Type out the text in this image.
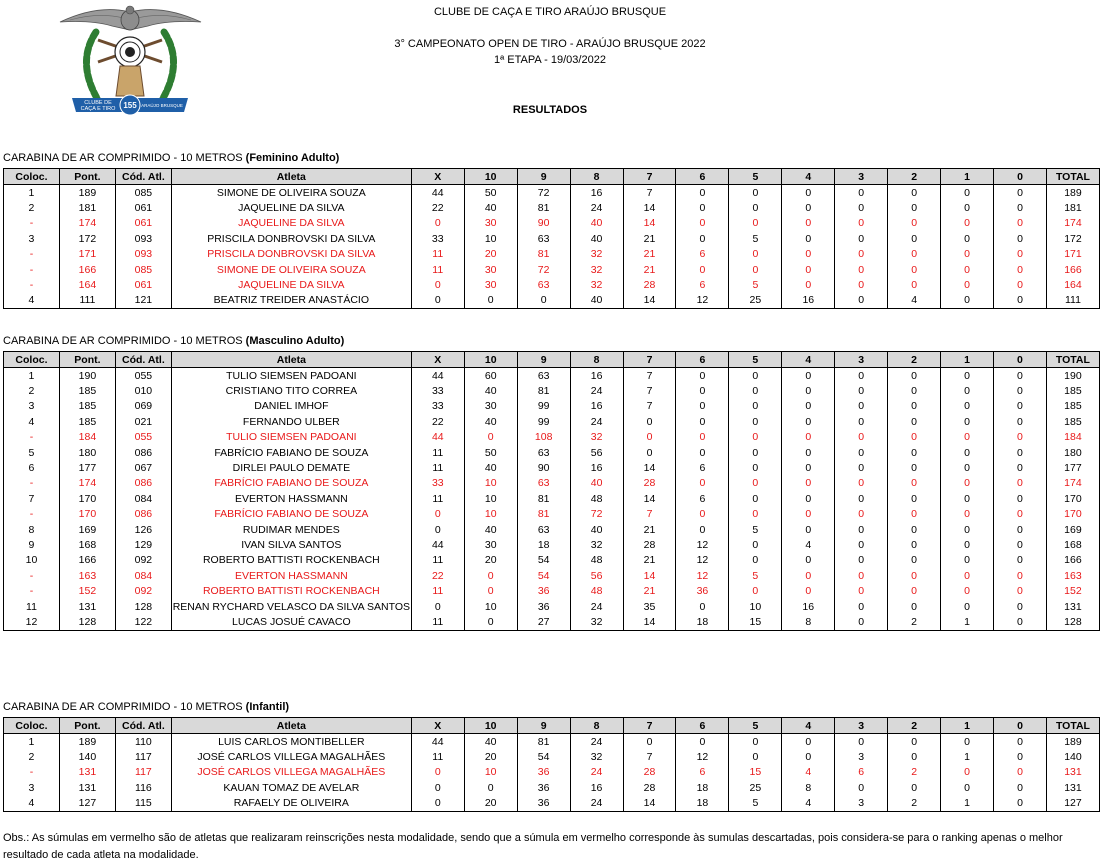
CLUBE DE
CAÇA E TIRO 155 ARAÚJO BRUSQUE
CLUBE DE CAÇA E TIRO ARAÚJO BRUSQUE
3° CAMPEONATO OPEN DE TIRO - ARAÚJO BRUSQUE 2022
1ª ETAPA - 19/03/2022
RESULTADOS
CARABINA DE AR COMPRIMIDO - 10 METROS (Feminino Adulto)
CARABINA DE AR COMPRIMIDO - 10 METROS (Masculino Adulto)
CARABINA DE AR COMPRIMIDO - 10 METROS (Infantil)
Coloc.	Pont.	Cód. Atl.	Atleta	X	10	9	8	7	6	5	4	3	2	1	0	TOTAL
1	189	085	SIMONE DE OLIVEIRA SOUZA	44	50	72	16	7	0	0	0	0	0	0	0	189
2	181	061	JAQUELINE DA SILVA	22	40	81	24	14	0	0	0	0	0	0	0	181
-	174	061	JAQUELINE DA SILVA	0	30	90	40	14	0	0	0	0	0	0	0	174
3	172	093	PRISCILA DONBROVSKI DA SILVA	33	10	63	40	21	0	5	0	0	0	0	0	172
-	171	093	PRISCILA DONBROVSKI DA SILVA	11	20	81	32	21	6	0	0	0	0	0	0	171
-	166	085	SIMONE DE OLIVEIRA SOUZA	11	30	72	32	21	0	0	0	0	0	0	0	166
-	164	061	JAQUELINE DA SILVA	0	30	63	32	28	6	5	0	0	0	0	0	164
4	111	121	BEATRIZ TREIDER ANASTÁCIO	0	0	0	40	14	12	25	16	0	4	0	0	111
Coloc.	Pont.	Cód. Atl.	Atleta	X	10	9	8	7	6	5	4	3	2	1	0	TOTAL
1	190	055	TULIO SIEMSEN PADOANI	44	60	63	16	7	0	0	0	0	0	0	0	190
2	185	010	CRISTIANO TITO CORREA	33	40	81	24	7	0	0	0	0	0	0	0	185
3	185	069	DANIEL IMHOF	33	30	99	16	7	0	0	0	0	0	0	0	185
4	185	021	FERNANDO ULBER	22	40	99	24	0	0	0	0	0	0	0	0	185
-	184	055	TULIO SIEMSEN PADOANI	44	0	108	32	0	0	0	0	0	0	0	0	184
5	180	086	FABRÍCIO FABIANO DE SOUZA	11	50	63	56	0	0	0	0	0	0	0	0	180
6	177	067	DIRLEI PAULO DEMATE	11	40	90	16	14	6	0	0	0	0	0	0	177
-	174	086	FABRÍCIO FABIANO DE SOUZA	33	10	63	40	28	0	0	0	0	0	0	0	174
7	170	084	EVERTON HASSMANN	11	10	81	48	14	6	0	0	0	0	0	0	170
-	170	086	FABRÍCIO FABIANO DE SOUZA	0	10	81	72	7	0	0	0	0	0	0	0	170
8	169	126	RUDIMAR MENDES	0	40	63	40	21	0	5	0	0	0	0	0	169
9	168	129	IVAN SILVA SANTOS	44	30	18	32	28	12	0	4	0	0	0	0	168
10	166	092	ROBERTO BATTISTI ROCKENBACH	11	20	54	48	21	12	0	0	0	0	0	0	166
-	163	084	EVERTON HASSMANN	22	0	54	56	14	12	5	0	0	0	0	0	163
-	152	092	ROBERTO BATTISTI ROCKENBACH	11	0	36	48	21	36	0	0	0	0	0	0	152
11	131	128	RENAN RYCHARD VELASCO DA SILVA SANTOS	0	10	36	24	35	0	10	16	0	0	0	0	131
12	128	122	LUCAS JOSUÉ CAVACO	11	0	27	32	14	18	15	8	0	2	1	0	128
Coloc.	Pont.	Cód. Atl.	Atleta	X	10	9	8	7	6	5	4	3	2	1	0	TOTAL
1	189	110	LUIS CARLOS MONTIBELLER	44	40	81	24	0	0	0	0	0	0	0	0	189
2	140	117	JOSÉ CARLOS VILLEGA MAGALHÃES	11	20	54	32	7	12	0	0	3	0	1	0	140
-	131	117	JOSÉ CARLOS VILLEGA MAGALHÃES	0	10	36	24	28	6	15	4	6	2	0	0	131
3	131	116	KAUAN TOMAZ DE AVELAR	0	0	36	16	28	18	25	8	0	0	0	0	131
4	127	115	RAFAELY DE OLIVEIRA	0	20	36	24	14	18	5	4	3	2	1	0	127
Obs.: As súmulas em vermelho são de atletas que realizaram reinscrições nesta modalidade, sendo que a súmula em vermelho corresponde às sumulas descartadas, pois considera-se para o ranking apenas o melhor resultado de cada atleta na modalidade.
